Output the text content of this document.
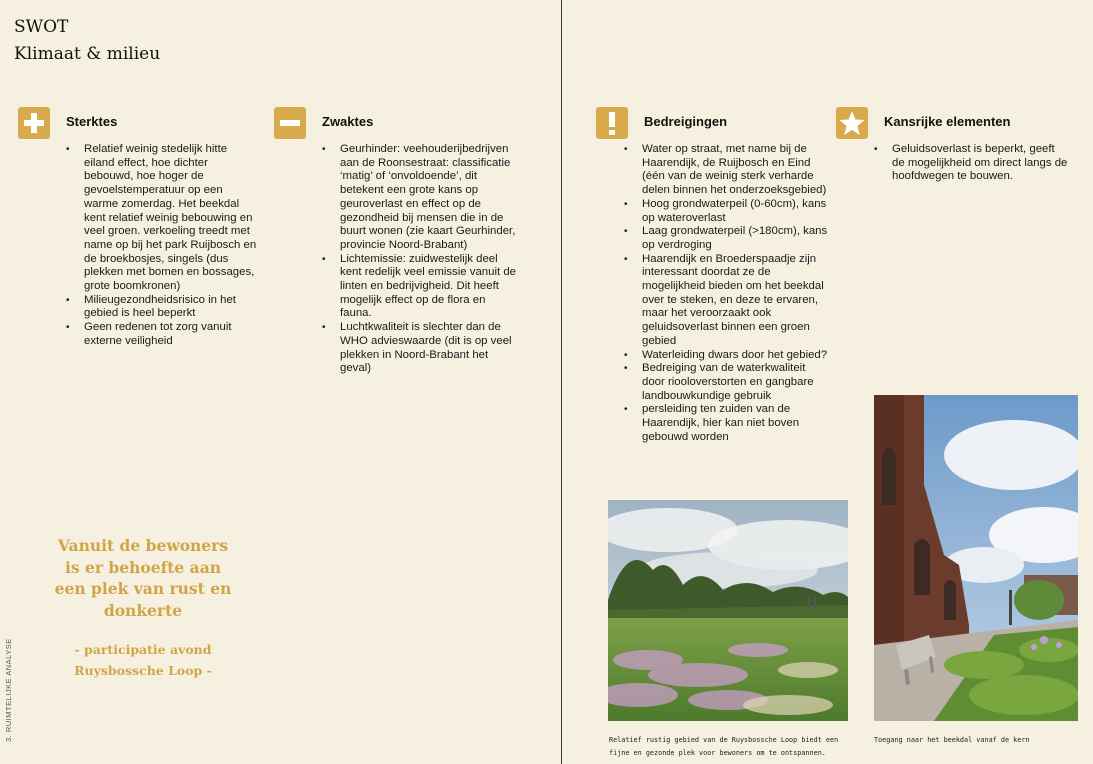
SWOT
Klimaat & milieu
Sterktes
• Relatief weinig stedelijk hitte eiland effect, hoe dichter bebouwd, hoe hoger de gevoelstemperatuur op een warme zomerdag. Het beekdal kent relatief weinig bebouwing en veel groen. verkoeling treedt met name op bij het park Ruijbosch en de broekbosjes, singels (dus plekken met bomen en bossages, grote boomkronen)
• Milieugezondheidsrisico in het gebied is heel beperkt
• Geen redenen tot zorg vanuit externe veiligheid
Zwaktes
• Geurhinder: veehouderijbedrijven aan de Roonsestraat: classificatie ‘matig’ of ‘onvoldoende’, dit betekent een grote kans op geuroverlast en effect op de gezondheid bij mensen die in de buurt wonen (zie kaart Geurhinder, provincie Noord-Brabant)
• Lichtemissie: zuidwestelijk deel kent redelijk veel emissie vanuit de linten en bedrijvigheid. Dit heeft mogelijk effect op de flora en fauna.
• Luchtkwaliteit is slechter dan de WHO advieswaarde (dit is op veel plekken in Noord-Brabant het geval)
Bedreigingen
• Water op straat, met name bij de Haarendijk, de Ruijbosch en Eind (één van de weinig sterk verharde delen binnen het onderzoeksgebied)
• Hoog grondwaterpeil (0-60cm), kans op wateroverlast
• Laag grondwaterpeil (>180cm), kans op verdroging
• Haarendijk en Broederspaadje zijn interessant doordat ze de mogelijkheid bieden om het beekdal over te steken, en deze te ervaren, maar het veroorzaakt ook geluidsoverlast binnen een groen gebied
• Waterleiding dwars door het gebied?
• Bedreiging van de waterkwaliteit door riooloverstorten en gangbare landbouwkundige gebruik
• persleiding ten zuiden van de Haarendijk, hier kan niet boven gebouwd worden
Kansrijke elementen
• Geluidsoverlast is beperkt, geeft de mogelijkheid om direct langs de hoofdwegen te bouwen.
Vanuit de bewoners is er behoefte aan een plek van rust en donkerte
- participatie avond
Ruysbossche Loop -
3. RUIMTELIJKE ANALYSE	Relatief rustig gebied van de Ruysbossche Loop biedt een
fijne en gezonde plek voor bewoners om te ontspannen.
Toegang naar het beekdal vanaf de kern
